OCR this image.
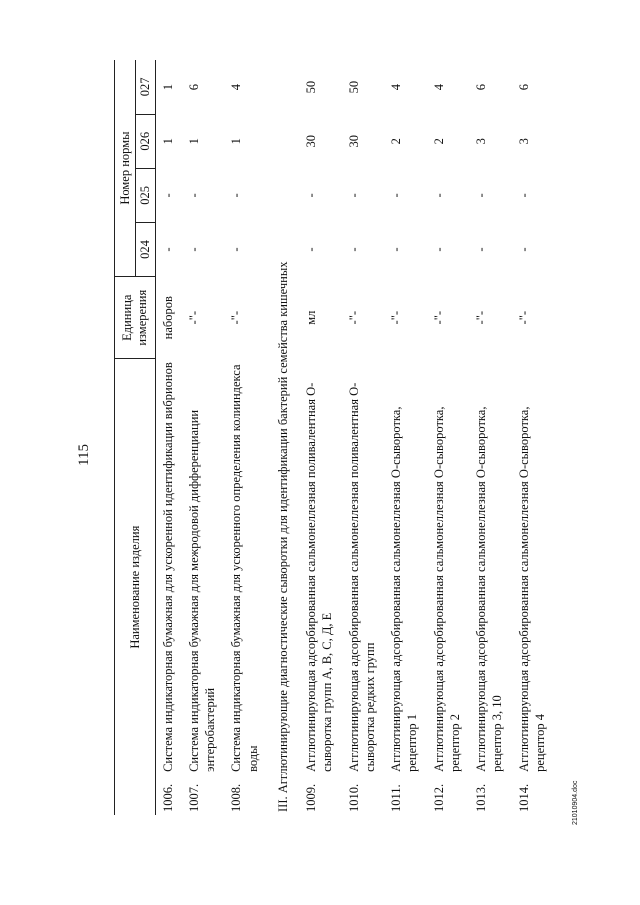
115
Наименование изделия		Единица
измерения	Номер нормы			
			024	025	026	027
1006.	Система индикаторная бумажная для ускоренной идентификации вибрионов	наборов	-	-	1	1
1007.	Система индикаторная бумажная для межродовой дифференциации энтеробактерий	-"-	-	-	1	6
1008.	Система индикаторная бумажная для ускоренного определения колииндекса воды	-"-	-	-	1	4
III. Агглютинирующие диагностические сыворотки для идентификации бактерий семейства кишечных						
1009.	Агглютинирующая адсорбированная сальмонеллезная поливалентная О-сыворотка групп А, В, С, Д, Е	мл	-	-	30	50
1010.	Агглютинирующая адсорбированная сальмонеллезная поливалентная О-сыворотка редких групп	-"-	-	-	30	50
1011.	Агглютинирующая адсорбированная сальмонеллезная О-сыворотка, рецептор 1	-"-	-	-	2	4
1012.	Агглютинирующая адсорбированная сальмонеллезная О-сыворотка, рецептор 2	-"-	-	-	2	4
1013.	Агглютинирующая адсорбированная сальмонеллезная О-сыворотка, рецептор 3, 10	-"-	-	-	3	6
1014.	Агглютинирующая адсорбированная сальмонеллезная О-сыворотка, рецептор 4	-"-	-	-	3	6
21010904.doc
